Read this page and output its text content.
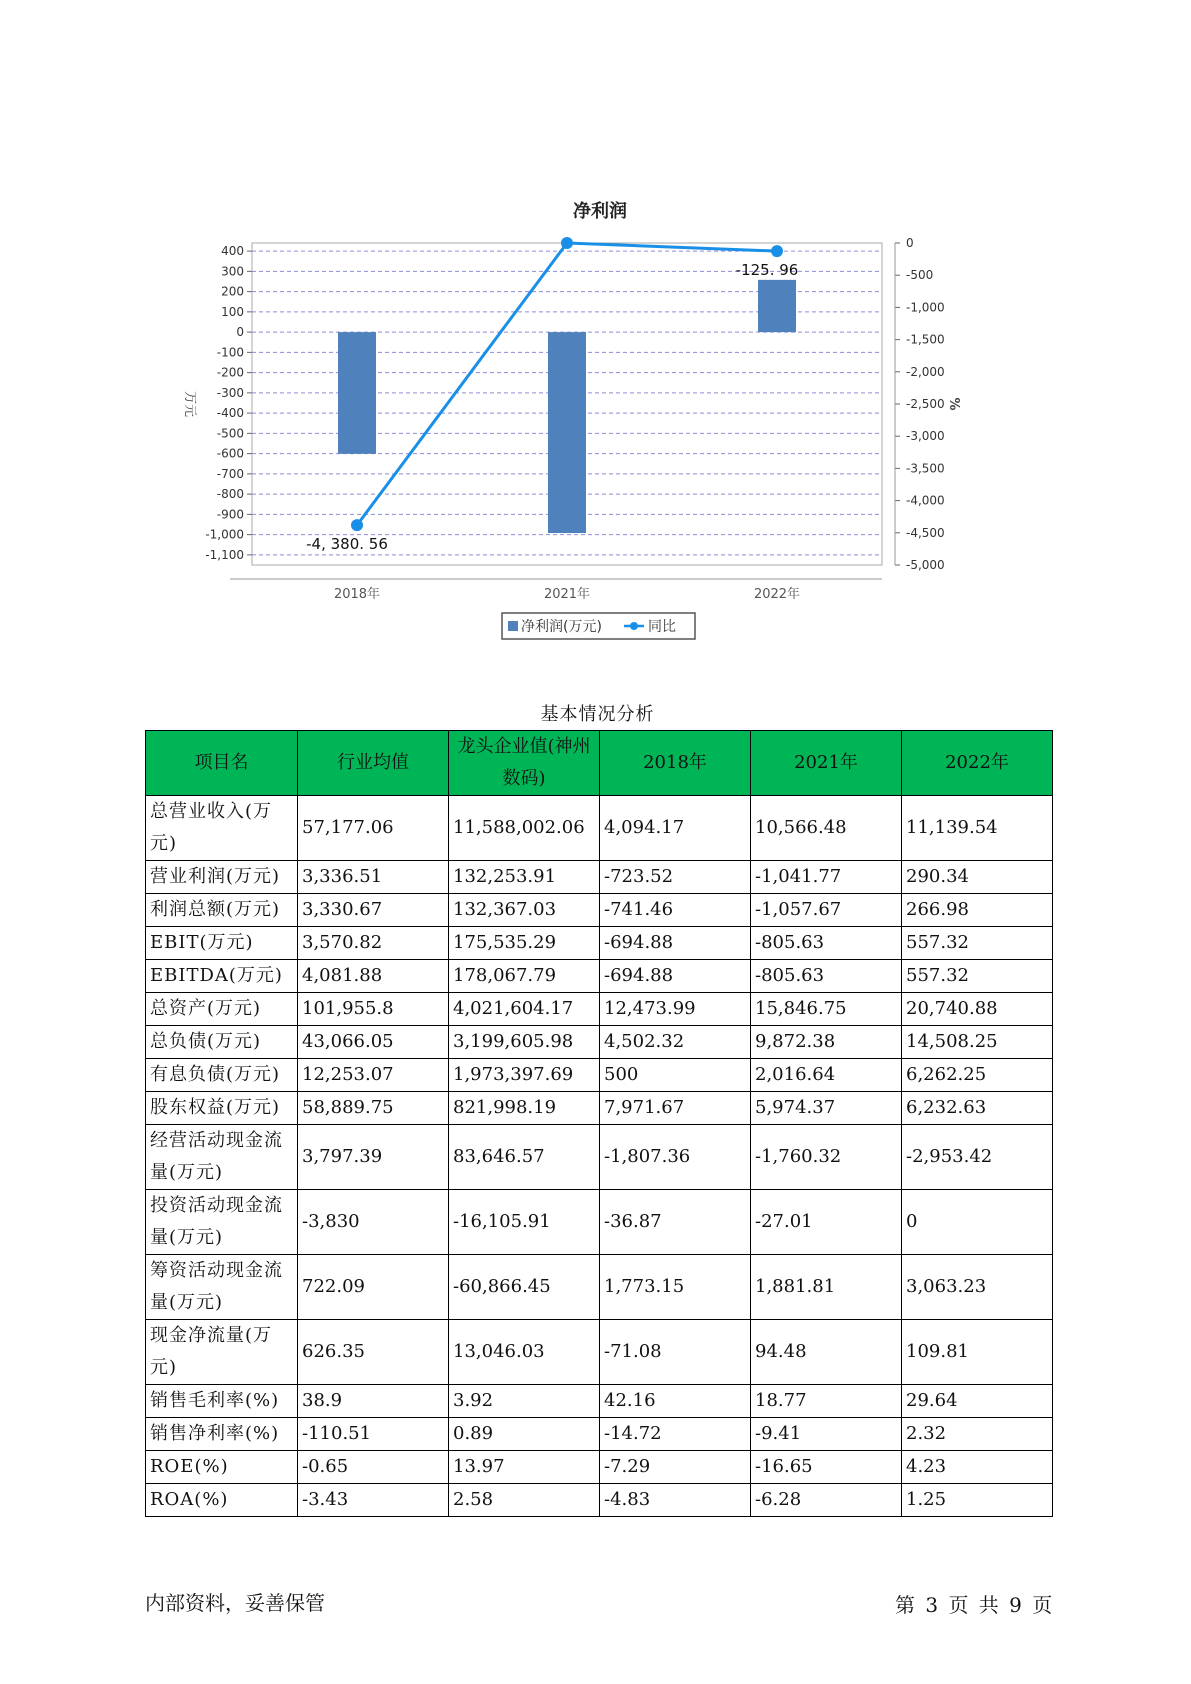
净利润
400
300
200
100
0
-100
-200
-300
-400
-500
-600
-700
-800
-900
-1,000
-1,100
0
-500
-1,000
-1,500
-2,000
-2,500
-3,000
-3,500
-4,000
-4,500
-5,000
2018年	2021年	2022年
-4, 380. 56
-125. 96
万元	%
净利润(万元)	同比
基本情况分析
项目名	行业均值	龙头企业值(神州数码)	2018年	2021年	2022年
总营业收入(万元)	57,177.06	11,588,002.06	4,094.17	10,566.48	11,139.54
营业利润(万元)	3,336.51	132,253.91	-723.52	-1,041.77	290.34
利润总额(万元)	3,330.67	132,367.03	-741.46	-1,057.67	266.98
EBIT(万元)	3,570.82	175,535.29	-694.88	-805.63	557.32
EBITDA(万元)	4,081.88	178,067.79	-694.88	-805.63	557.32
总资产(万元)	101,955.8	4,021,604.17	12,473.99	15,846.75	20,740.88
总负债(万元)	43,066.05	3,199,605.98	4,502.32	9,872.38	14,508.25
有息负债(万元)	12,253.07	1,973,397.69	500	2,016.64	6,262.25
股东权益(万元)	58,889.75	821,998.19	7,971.67	5,974.37	6,232.63
经营活动现金流量(万元)	3,797.39	83,646.57	-1,807.36	-1,760.32	-2,953.42
投资活动现金流量(万元)	-3,830	-16,105.91	-36.87	-27.01	0
筹资活动现金流量(万元)	722.09	-60,866.45	1,773.15	1,881.81	3,063.23
现金净流量(万元)	626.35	13,046.03	-71.08	94.48	109.81
销售毛利率(%)	38.9	3.92	42.16	18.77	29.64
销售净利率(%)	-110.51	0.89	-14.72	-9.41	2.32
ROE(%)	-0.65	13.97	-7.29	-16.65	4.23
ROA(%)	-3.43	2.58	-4.83	-6.28	1.25
内部资料，妥善保管	第 3 页 共 9 页
